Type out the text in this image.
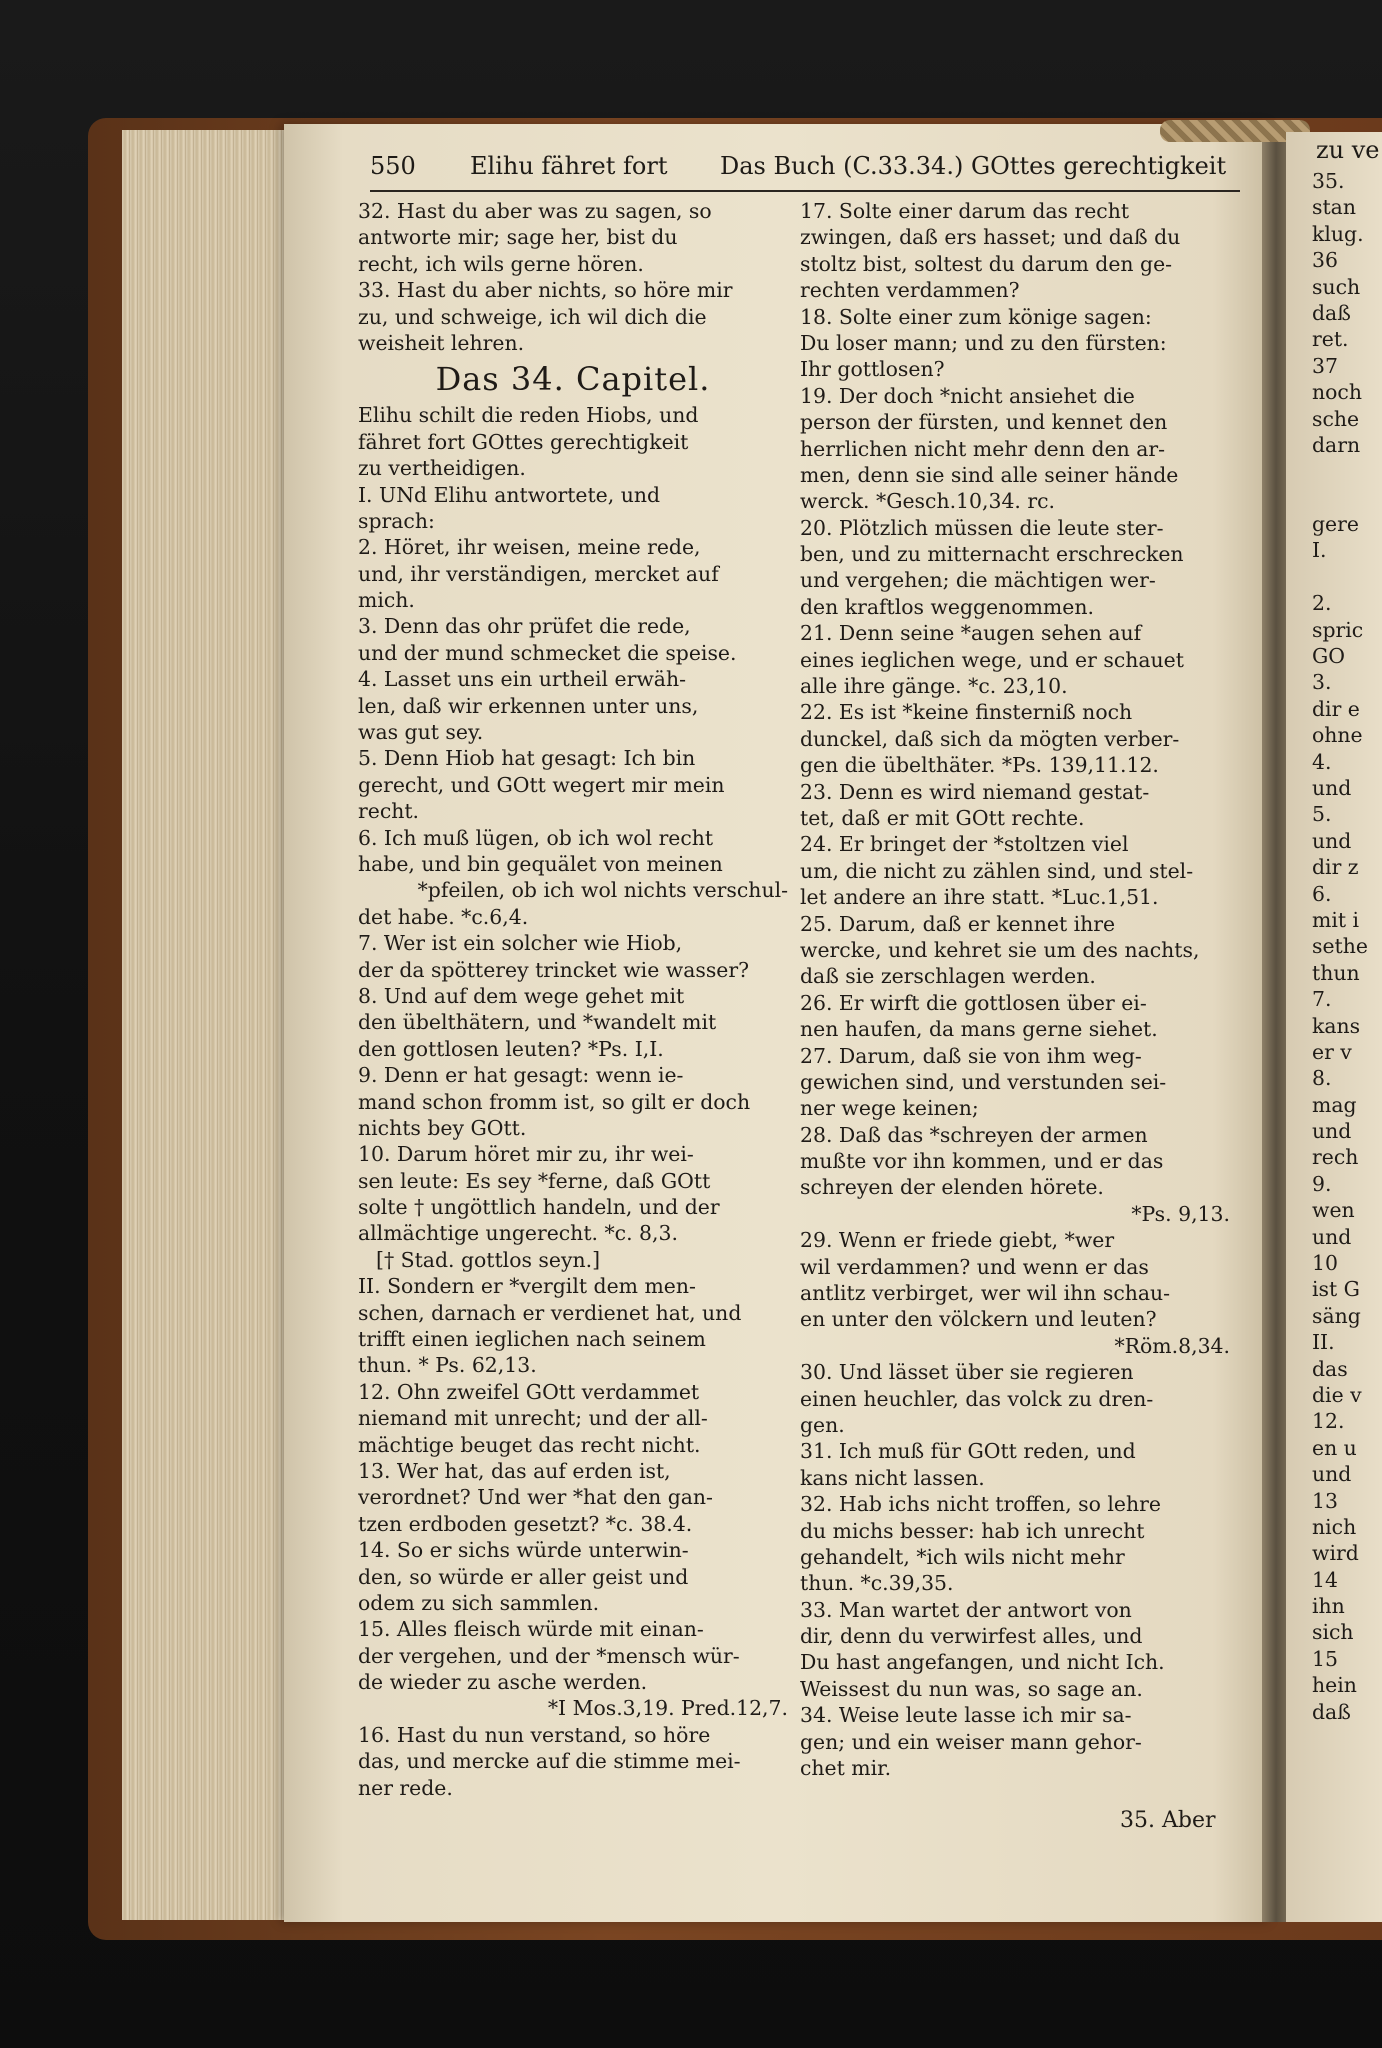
550 Elihu fähret fort Das Buch (C.33.34.) GOttes gerechtigkeit
32. Hast du aber was zu sagen, so
antworte mir; sage her, bist du
recht, ich wils gerne hören.
33. Hast du aber nichts, so höre mir
zu, und schweige, ich wil dich die
weisheit lehren.
Das 34. Capitel.
Elihu schilt die reden Hiobs, und
fähret fort GOttes gerechtigkeit
zu vertheidigen.
I. UNd Elihu antwortete, und
sprach:
2. Höret, ihr weisen, meine rede,
und, ihr verständigen, mercket auf
mich.
3. Denn das ohr prüfet die rede,
und der mund schmecket die speise.
4. Lasset uns ein urtheil erwäh-
len, daß wir erkennen unter uns,
was gut sey.
5. Denn Hiob hat gesagt: Ich bin
gerecht, und GOtt wegert mir mein
recht.
6. Ich muß lügen, ob ich wol recht
habe, und bin gequälet von meinen
*pfeilen, ob ich wol nichts verschul-
det habe. *c.6,4.
7. Wer ist ein solcher wie Hiob,
der da spötterey trincket wie wasser?
8. Und auf dem wege gehet mit
den übelthätern, und *wandelt mit
den gottlosen leuten? *Ps. I,I.
9. Denn er hat gesagt: wenn ie-
mand schon fromm ist, so gilt er doch
nichts bey GOtt.
10. Darum höret mir zu, ihr wei-
sen leute: Es sey *ferne, daß GOtt
solte † ungöttlich handeln, und der
allmächtige ungerecht. *c. 8,3.
[† Stad. gottlos seyn.]
II. Sondern er *vergilt dem men-
schen, darnach er verdienet hat, und
trifft einen ieglichen nach seinem
thun. * Ps. 62,13.
12. Ohn zweifel GOtt verdammet
niemand mit unrecht; und der all-
mächtige beuget das recht nicht.
13. Wer hat, das auf erden ist,
verordnet? Und wer *hat den gan-
tzen erdboden gesetzt? *c. 38.4.
14. So er sichs würde unterwin-
den, so würde er aller geist und
odem zu sich sammlen.
15. Alles fleisch würde mit einan-
der vergehen, und der *mensch wür-
de wieder zu asche werden.
*I Mos.3,19. Pred.12,7.
16. Hast du nun verstand, so höre
das, und mercke auf die stimme mei-
ner rede.
17. Solte einer darum das recht
zwingen, daß ers hasset; und daß du
stoltz bist, soltest du darum den ge-
rechten verdammen?
18. Solte einer zum könige sagen:
Du loser mann; und zu den fürsten:
Ihr gottlosen?
19. Der doch *nicht ansiehet die
person der fürsten, und kennet den
herrlichen nicht mehr denn den ar-
men, denn sie sind alle seiner hände
werck. *Gesch.10,34. rc.
20. Plötzlich müssen die leute ster-
ben, und zu mitternacht erschrecken
und vergehen; die mächtigen wer-
den kraftlos weggenommen.
21. Denn seine *augen sehen auf
eines ieglichen wege, und er schauet
alle ihre gänge. *c. 23,10.
22. Es ist *keine finsterniß noch
dunckel, daß sich da mögten verber-
gen die übelthäter. *Ps. 139,11.12.
23. Denn es wird niemand gestat-
tet, daß er mit GOtt rechte.
24. Er bringet der *stoltzen viel
um, die nicht zu zählen sind, und stel-
let andere an ihre statt. *Luc.1,51.
25. Darum, daß er kennet ihre
wercke, und kehret sie um des nachts,
daß sie zerschlagen werden.
26. Er wirft die gottlosen über ei-
nen haufen, da mans gerne siehet.
27. Darum, daß sie von ihm weg-
gewichen sind, und verstunden sei-
ner wege keinen;
28. Daß das *schreyen der armen
mußte vor ihn kommen, und er das
schreyen der elenden hörete.
*Ps. 9,13.
29. Wenn er friede giebt, *wer
wil verdammen? und wenn er das
antlitz verbirget, wer wil ihn schau-
en unter den völckern und leuten?
*Röm.8,34.
30. Und lässet über sie regieren
einen heuchler, das volck zu dren-
gen.
31. Ich muß für GOtt reden, und
kans nicht lassen.
32. Hab ichs nicht troffen, so lehre
du michs besser: hab ich unrecht
gehandelt, *ich wils nicht mehr
thun. *c.39,35.
33. Man wartet der antwort von
dir, denn du verwirfest alles, und
Du hast angefangen, und nicht Ich.
Weissest du nun was, so sage an.
34. Weise leute lasse ich mir sa-
gen; und ein weiser mann gehor-
chet mir.
35. Aber
zu ve
35.
stan
klug.
36
such
daß
ret.
37
noch
sche
darn
gere
I.
2.
spric
GO
3.
dir e
ohne
4.
und
5.
und
dir z
6.
mit i
sethe
thun
7.
kans
er v
8.
mag
und
rech
9.
wen
und
10
ist G
säng
II.
das
die v
12.
en u
und
13
nich
wird
14
ihn
sich
15
hein
daß
